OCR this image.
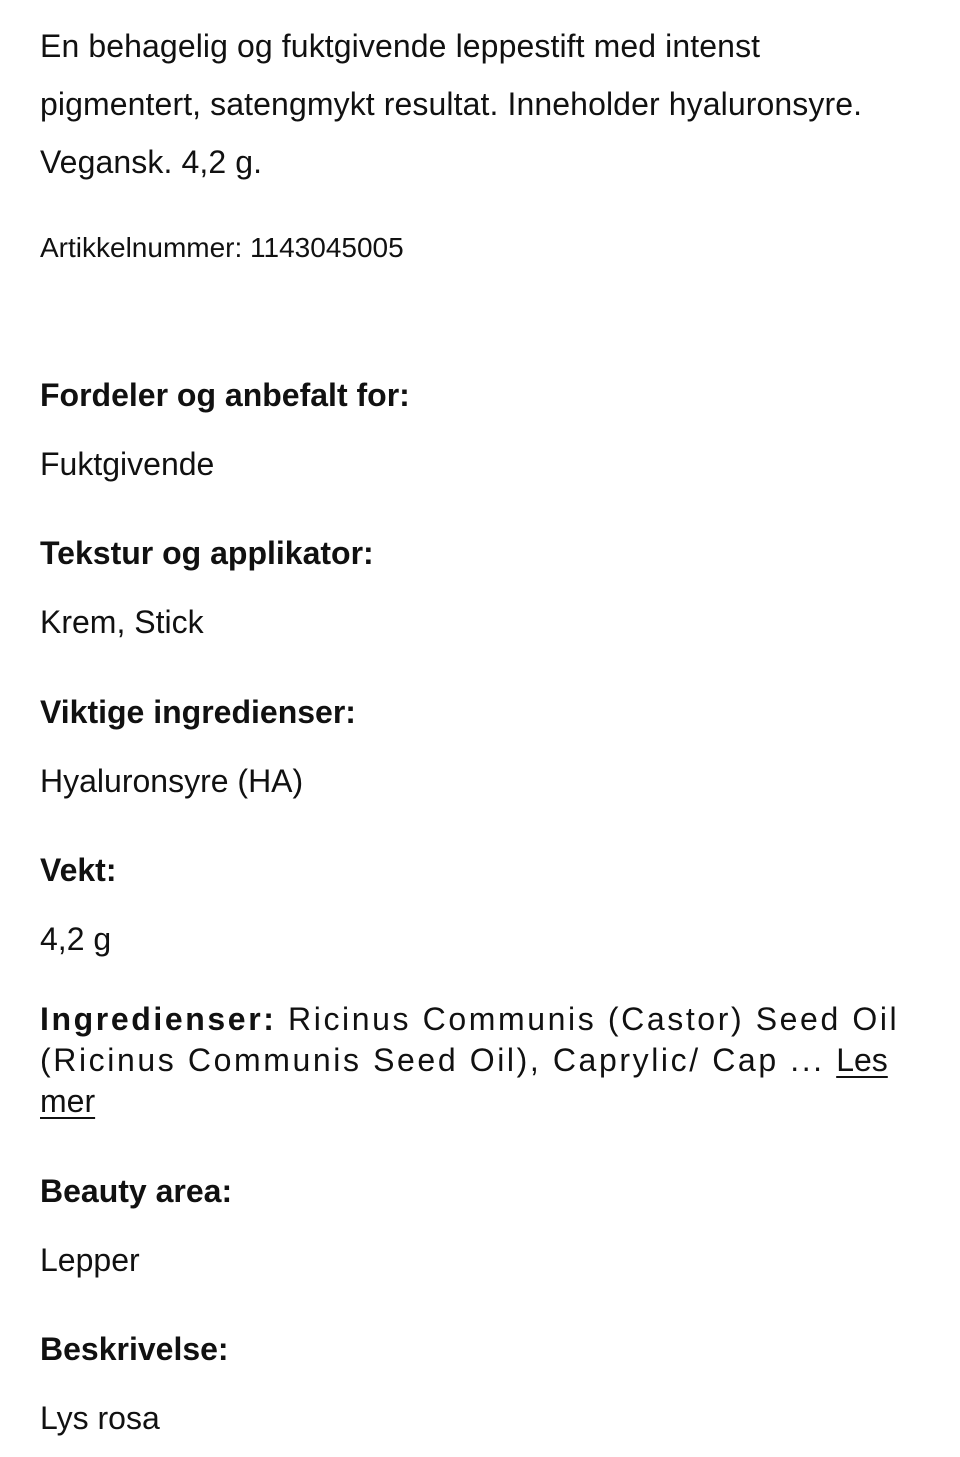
En behagelig og fuktgivende leppestift med intenst pigmentert, satengmykt resultat. Inneholder hyaluronsyre. Vegansk. 4,2 g.
Artikkelnummer: 1143045005
Fordeler og anbefalt for:
Fuktgivende
Tekstur og applikator:
Krem, Stick
Viktige ingredienser:
Hyaluronsyre (HA)
Vekt:
4,2 g
Ingredienser: Ricinus Communis (Castor) Seed Oil (Ricinus Communis Seed Oil), Caprylic/ Cap ... Les mer
Beauty area:
Lepper
Beskrivelse:
Lys rosa
